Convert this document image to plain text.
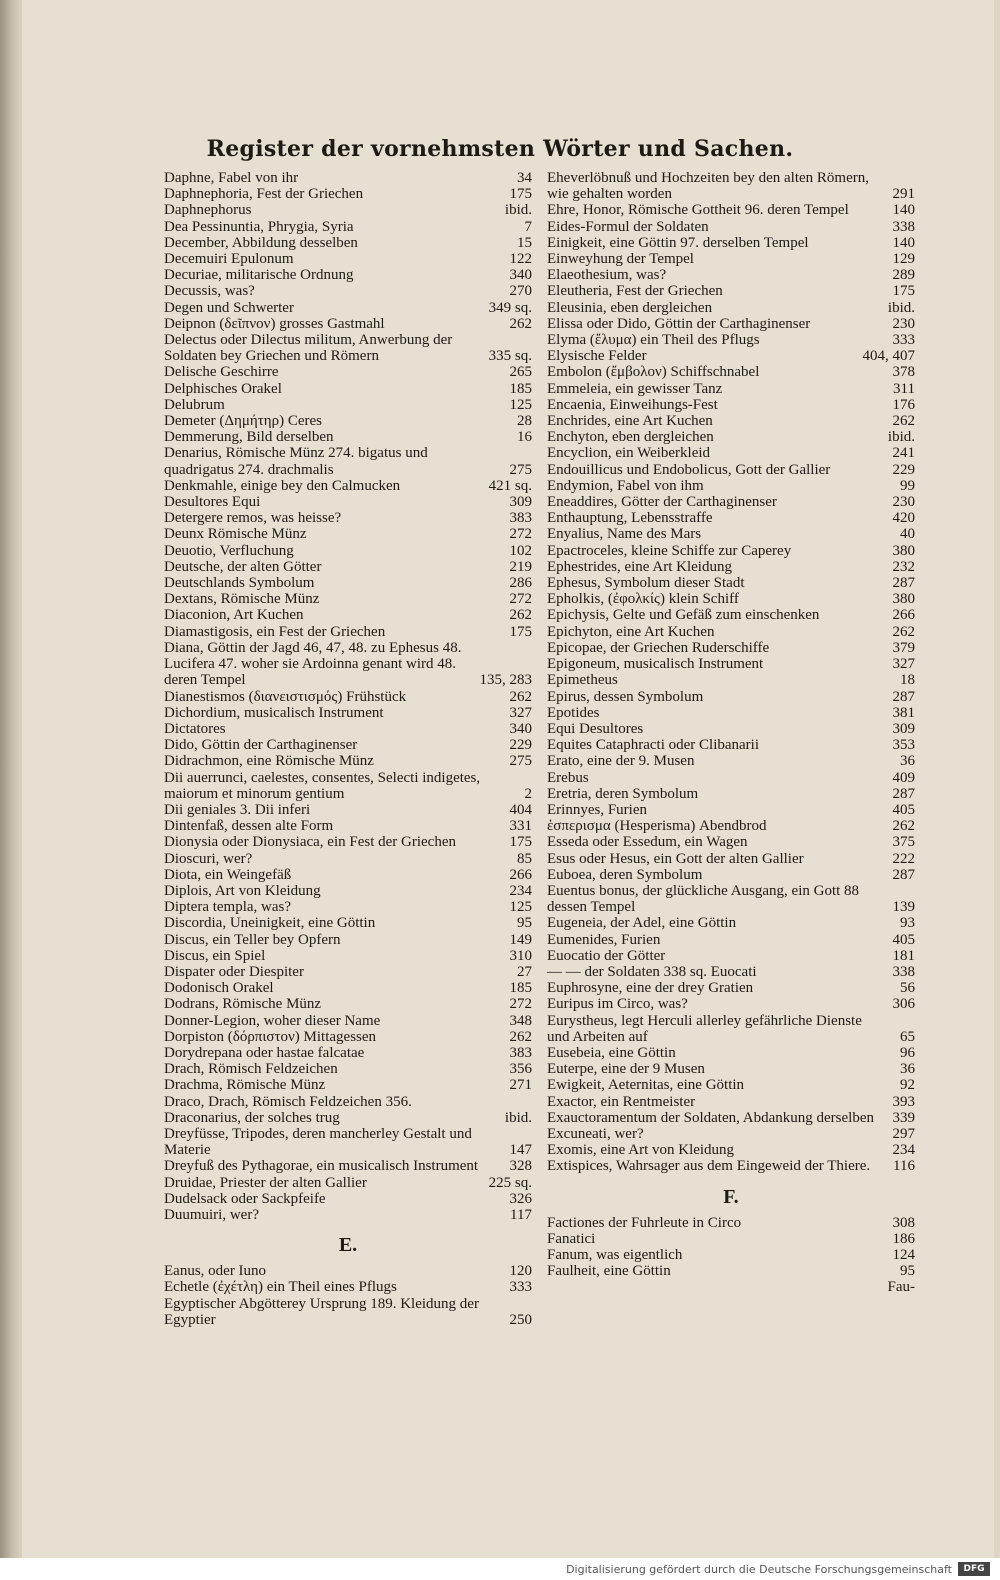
Register der vornehmsten Wörter und Sachen.
Daphne, Fabel von ihr	34
Daphnephoria, Fest der Griechen	175
Daphnephorus	ibid.
Dea Pessinuntia, Phrygia, Syria	7
December, Abbildung desselben	15
Decemuiri Epulonum	122
Decuriae, militarische Ordnung	340
Decussis, was?	270
Degen und Schwerter	349 sq.
Deipnon (δεῖπνον) grosses Gastmahl	262
Delectus oder Dilectus militum, Anwerbung der Soldaten bey Griechen und Römern	335 sq.
Delische Geschirre	265
Delphisches Orakel	185
Delubrum	125
Demeter (Δημήτηρ) Ceres	28
Demmerung, Bild derselben	16
Denarius, Römische Münz 274. bigatus und quadrigatus 274. drachmalis	275
Denkmahle, einige bey den Calmucken	421 sq.
Desultores Equi	309
Detergere remos, was heisse?	383
Deunx Römische Münz	272
Deuotio, Verfluchung	102
Deutsche, der alten Götter	219
Deutschlands Symbolum	286
Dextans, Römische Münz	272
Diaconion, Art Kuchen	262
Diamastigosis, ein Fest der Griechen	175
Diana, Göttin der Jagd 46, 47, 48. zu Ephesus 48. Lucifera 47. woher sie Ardoinna genant wird 48. deren Tempel	135, 283
Dianestismos (διανειστισμός) Frühstück	262
Dichordium, musicalisch Instrument	327
Dictatores	340
Dido, Göttin der Carthaginenser	229
Didrachmon, eine Römische Münz	275
Dii auerrunci, caelestes, consentes, Selecti indigetes, maiorum et minorum gentium	2
Dii geniales 3. Dii inferi	404
Dintenfaß, dessen alte Form	331
Dionysia oder Dionysiaca, ein Fest der Griechen	175
Dioscuri, wer?	85
Diota, ein Weingefäß	266
Diplois, Art von Kleidung	234
Diptera templa, was?	125
Discordia, Uneinigkeit, eine Göttin	95
Discus, ein Teller bey Opfern	149
Discus, ein Spiel	310
Dispater oder Diespiter	27
Dodonisch Orakel	185
Dodrans, Römische Münz	272
Donner-Legion, woher dieser Name	348
Dorpiston (δόρπιστον) Mittagessen	262
Dorydrepana oder hastae falcatae	383
Drach, Römisch Feldzeichen	356
Drachma, Römische Münz	271
Draco, Drach, Römisch Feldzeichen 356. Draconarius, der solches trug	ibid.
Dreyfüsse, Tripodes, deren mancherley Gestalt und Materie	147
Dreyfuß des Pythagorae, ein musicalisch Instrument	328
Druidae, Priester der alten Gallier	225 sq.
Dudelsack oder Sackpfeife	326
Duumuiri, wer?	117
E.
Eanus, oder Iuno	120
Echetle (ἐχέτλη) ein Theil eines Pflugs	333
Egyptischer Abgötterey Ursprung 189. Kleidung der Egyptier	250
Eheverlöbnuß und Hochzeiten bey den alten Römern, wie gehalten worden	291
Ehre, Honor, Römische Gottheit 96. deren Tempel	140
Eides-Formul der Soldaten	338
Einigkeit, eine Göttin 97. derselben Tempel	140
Einweyhung der Tempel	129
Elaeothesium, was?	289
Eleutheria, Fest der Griechen	175
Eleusinia, eben dergleichen	ibid.
Elissa oder Dido, Göttin der Carthaginenser	230
Elyma (ἔλυμα) ein Theil des Pflugs	333
Elysische Felder	404, 407
Embolon (ἔμβολον) Schiffschnabel	378
Emmeleia, ein gewisser Tanz	311
Encaenia, Einweihungs-Fest	176
Enchrides, eine Art Kuchen	262
Enchyton, eben dergleichen	ibid.
Encyclion, ein Weiberkleid	241
Endouillicus und Endobolicus, Gott der Gallier	229
Endymion, Fabel von ihm	99
Eneaddires, Götter der Carthaginenser	230
Enthauptung, Lebensstraffe	420
Enyalius, Name des Mars	40
Epactroceles, kleine Schiffe zur Caperey	380
Ephestrides, eine Art Kleidung	232
Ephesus, Symbolum dieser Stadt	287
Epholkis, (ἐφολκίς) klein Schiff	380
Epichysis, Gelte und Gefäß zum einschenken	266
Epichyton, eine Art Kuchen	262
Epicopae, der Griechen Ruderschiffe	379
Epigoneum, musicalisch Instrument	327
Epimetheus	18
Epirus, dessen Symbolum	287
Epotides	381
Equi Desultores	309
Equites Cataphracti oder Clibanarii	353
Erato, eine der 9. Musen	36
Erebus	409
Eretria, deren Symbolum	287
Erinnyes, Furien	405
ἑσπερισμα (Hesperisma) Abendbrod	262
Esseda oder Essedum, ein Wagen	375
Esus oder Hesus, ein Gott der alten Gallier	222
Euboea, deren Symbolum	287
Euentus bonus, der glückliche Ausgang, ein Gott 88 dessen Tempel	139
Eugeneia, der Adel, eine Göttin	93
Eumenides, Furien	405
Euocatio der Götter	181
— — der Soldaten 338 sq. Euocati	338
Euphrosyne, eine der drey Gratien	56
Euripus im Circo, was?	306
Eurystheus, legt Herculi allerley gefährliche Dienste und Arbeiten auf	65
Eusebeia, eine Göttin	96
Euterpe, eine der 9 Musen	36
Ewigkeit, Aeternitas, eine Göttin	92
Exactor, ein Rentmeister	393
Exauctoramentum der Soldaten, Abdankung derselben 339
Excuneati, wer?	297
Exomis, eine Art von Kleidung	234
Extispices, Wahrsager aus dem Eingeweid der Thiere.	116
F.
Factiones der Fuhrleute in Circo	308
Fanatici	186
Fanum, was eigentlich	124
Faulheit, eine Göttin	95
Fau-
Digitalisierung gefördert durch die Deutsche Forschungsgemeinschaft	DFG
